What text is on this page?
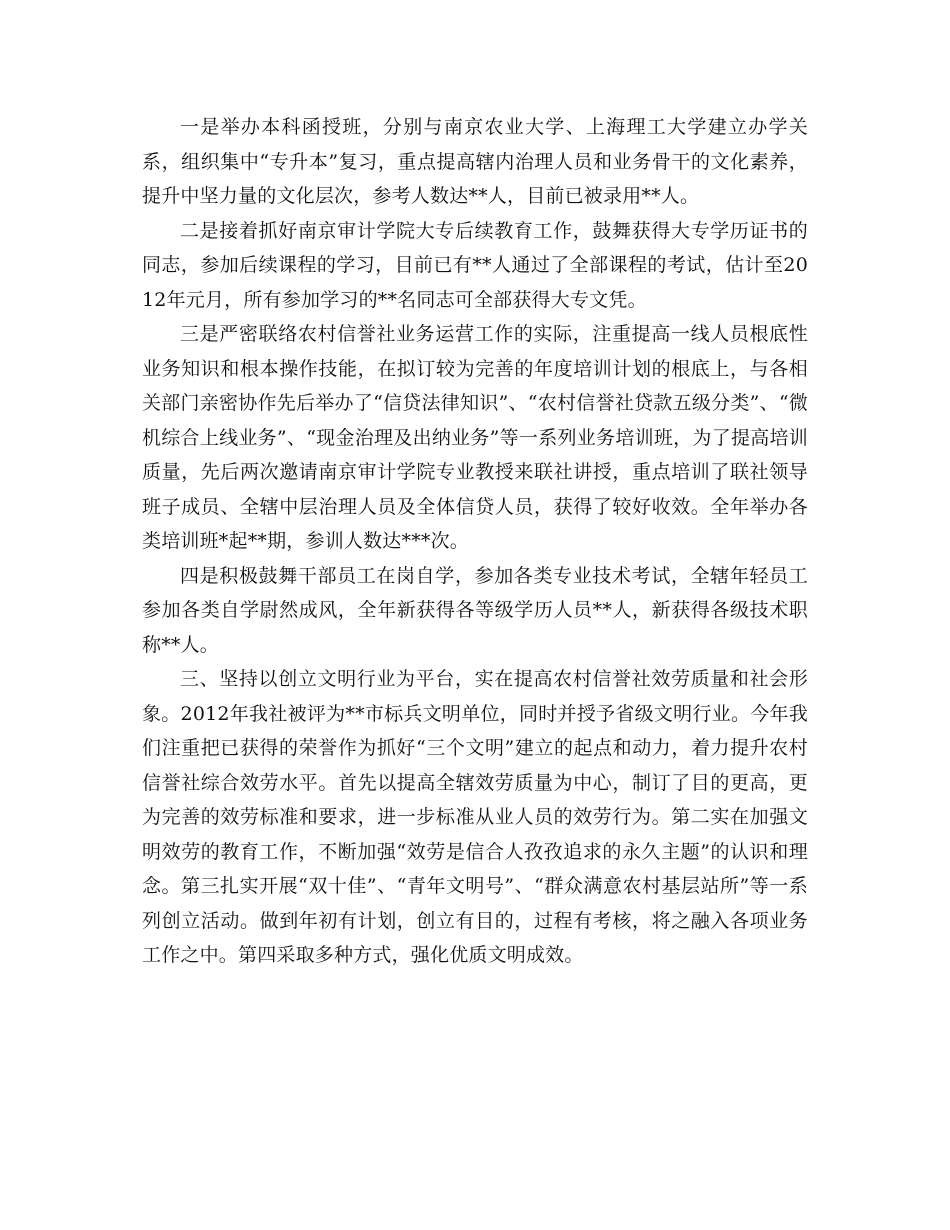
一是举办本科函授班，分别与南京农业大学、上海理工大学建立办学关系，组织集中“专升本”复习，重点提高辖内治理人员和业务骨干的文化素养，提升中坚力量的文化层次，参考人数达**人，目前已被录用**人。

二是接着抓好南京审计学院大专后续教育工作，鼓舞获得大专学历证书的同志，参加后续课程的学习，目前已有**人通过了全部课程的考试，估计至2012年元月，所有参加学习的**名同志可全部获得大专文凭。

三是严密联络农村信誉社业务运营工作的实际，注重提高一线人员根底性业务知识和根本操作技能，在拟订较为完善的年度培训计划的根底上，与各相关部门亲密协作先后举办了“信贷法律知识”、“农村信誉社贷款五级分类”、“微机综合上线业务”、“现金治理及出纳业务”等一系列业务培训班，为了提高培训质量，先后两次邀请南京审计学院专业教授来联社讲授，重点培训了联社领导班子成员、全辖中层治理人员及全体信贷人员，获得了较好收效。全年举办各类培训班*起**期，参训人数达***次。

四是积极鼓舞干部员工在岗自学，参加各类专业技术考试，全辖年轻员工参加各类自学尉然成风，全年新获得各等级学历人员**人，新获得各级技术职称**人。

三、坚持以创立文明行业为平台，实在提高农村信誉社效劳质量和社会形象。2012年我社被评为**市标兵文明单位，同时并授予省级文明行业。今年我们注重把已获得的荣誉作为抓好“三个文明”建立的起点和动力，着力提升农村信誉社综合效劳水平。首先以提高全辖效劳质量为中心，制订了目的更高，更为完善的效劳标准和要求，进一步标准从业人员的效劳行为。第二实在加强文明效劳的教育工作，不断加强“效劳是信合人孜孜追求的永久主题”的认识和理念。第三扎实开展“双十佳”、“青年文明号”、“群众满意农村基层站所”等一系列创立活动。做到年初有计划，创立有目的，过程有考核，将之融入各项业务工作之中。第四采取多种方式，强化优质文明成效。
